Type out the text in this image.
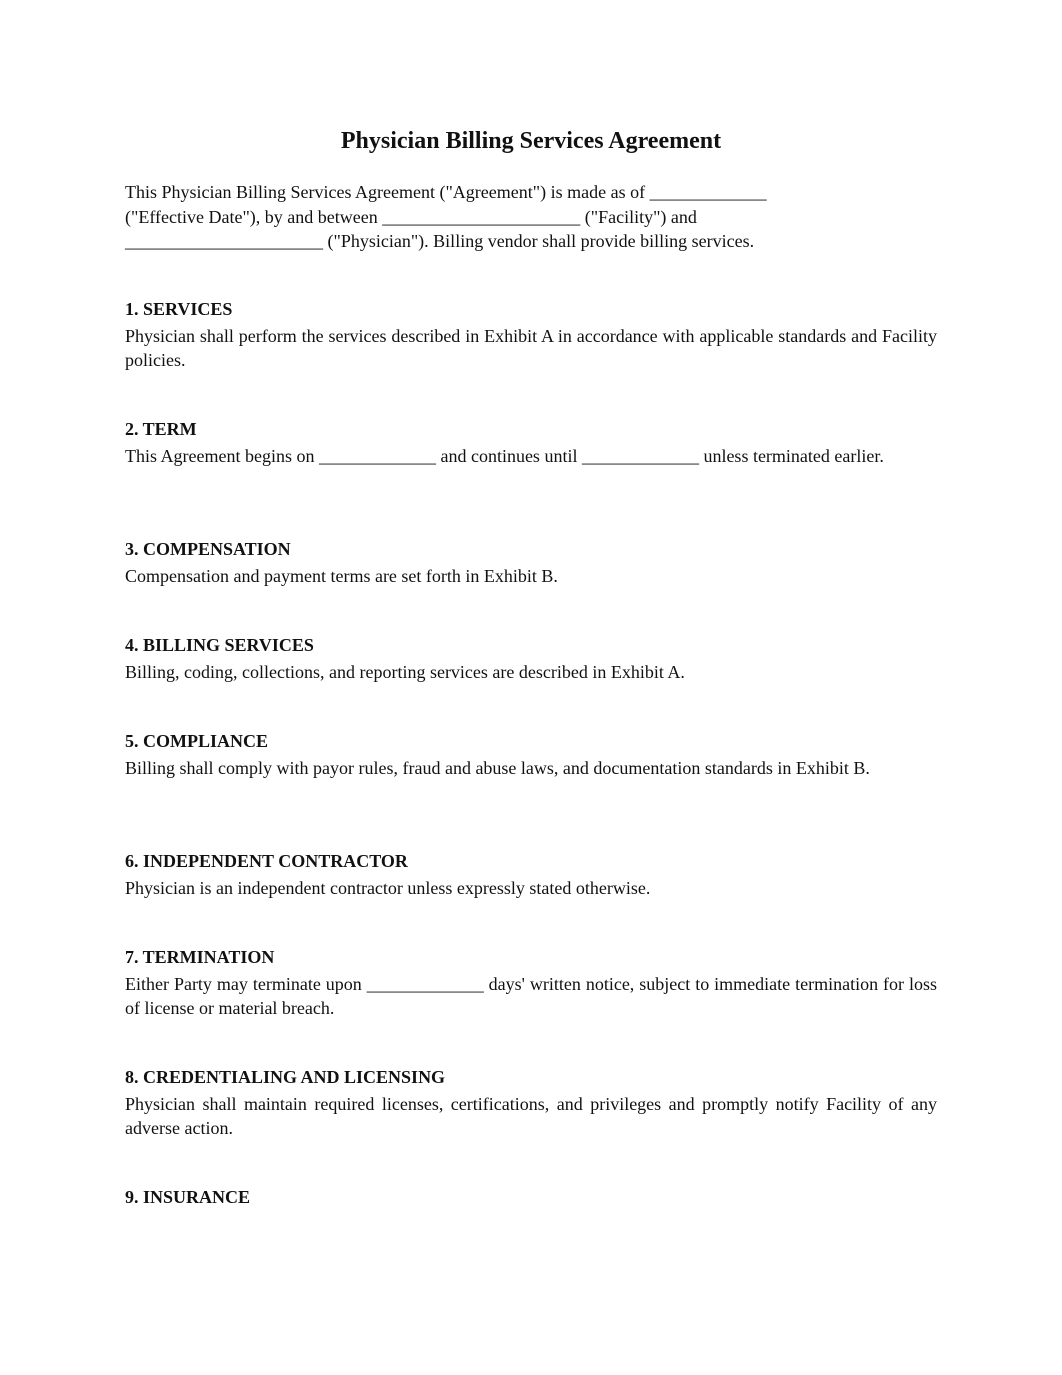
Physician Billing Services Agreement

This Physician Billing Services Agreement ("Agreement") is made as of _____________
("Effective Date"), by and between ______________________ ("Facility") and
______________________ ("Physician"). Billing vendor shall provide billing services.

1. SERVICES

Physician shall perform the services described in Exhibit A in accordance with applicable standards and Facility policies.

2. TERM

This Agreement begins on _____________ and continues until _____________ unless terminated earlier.

3. COMPENSATION

Compensation and payment terms are set forth in Exhibit B.

4. BILLING SERVICES

Billing, coding, collections, and reporting services are described in Exhibit A.

5. COMPLIANCE

Billing shall comply with payor rules, fraud and abuse laws, and documentation standards in Exhibit B.

6. INDEPENDENT CONTRACTOR

Physician is an independent contractor unless expressly stated otherwise.

7. TERMINATION

Either Party may terminate upon _____________ days' written notice, subject to immediate termination for loss of license or material breach.

8. CREDENTIALING AND LICENSING

Physician shall maintain required licenses, certifications, and privileges and promptly notify Facility of any adverse action.

9. INSURANCE
